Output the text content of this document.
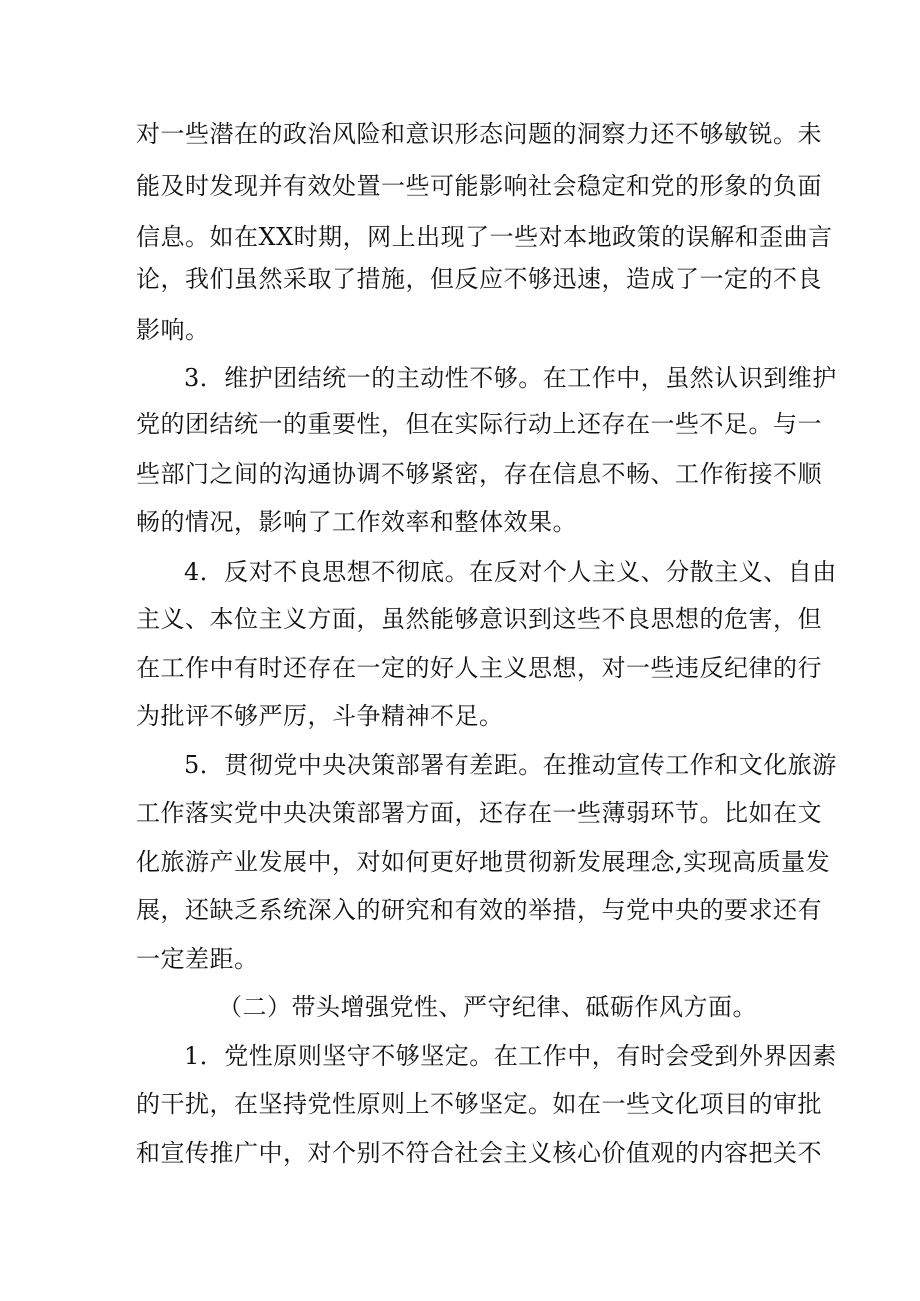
对一些潜在的政治风险和意识形态问题的洞察力还不够敏锐。未
能及时发现并有效处置一些可能影响社会稳定和党的形象的负面
信息。如在XX时期，网上出现了一些对本地政策的误解和歪曲言
论，我们虽然采取了措施，但反应不够迅速，造成了一定的不良
影响。
3．维护团结统一的主动性不够。在工作中，虽然认识到维护
党的团结统一的重要性，但在实际行动上还存在一些不足。与一
些部门之间的沟通协调不够紧密，存在信息不畅、工作衔接不顺
畅的情况，影响了工作效率和整体效果。
4．反对不良思想不彻底。在反对个人主义、分散主义、自由
主义、本位主义方面，虽然能够意识到这些不良思想的危害，但
在工作中有时还存在一定的好人主义思想，对一些违反纪律的行
为批评不够严厉，斗争精神不足。
5．贯彻党中央决策部署有差距。在推动宣传工作和文化旅游
工作落实党中央决策部署方面，还存在一些薄弱环节。比如在文
化旅游产业发展中，对如何更好地贯彻新发展理念,实现高质量发
展，还缺乏系统深入的研究和有效的举措，与党中央的要求还有
一定差距。
（二）带头增强党性、严守纪律、砥砺作风方面。
1．党性原则坚守不够坚定。在工作中，有时会受到外界因素
的干扰，在坚持党性原则上不够坚定。如在一些文化项目的审批
和宣传推广中，对个别不符合社会主义核心价值观的内容把关不
